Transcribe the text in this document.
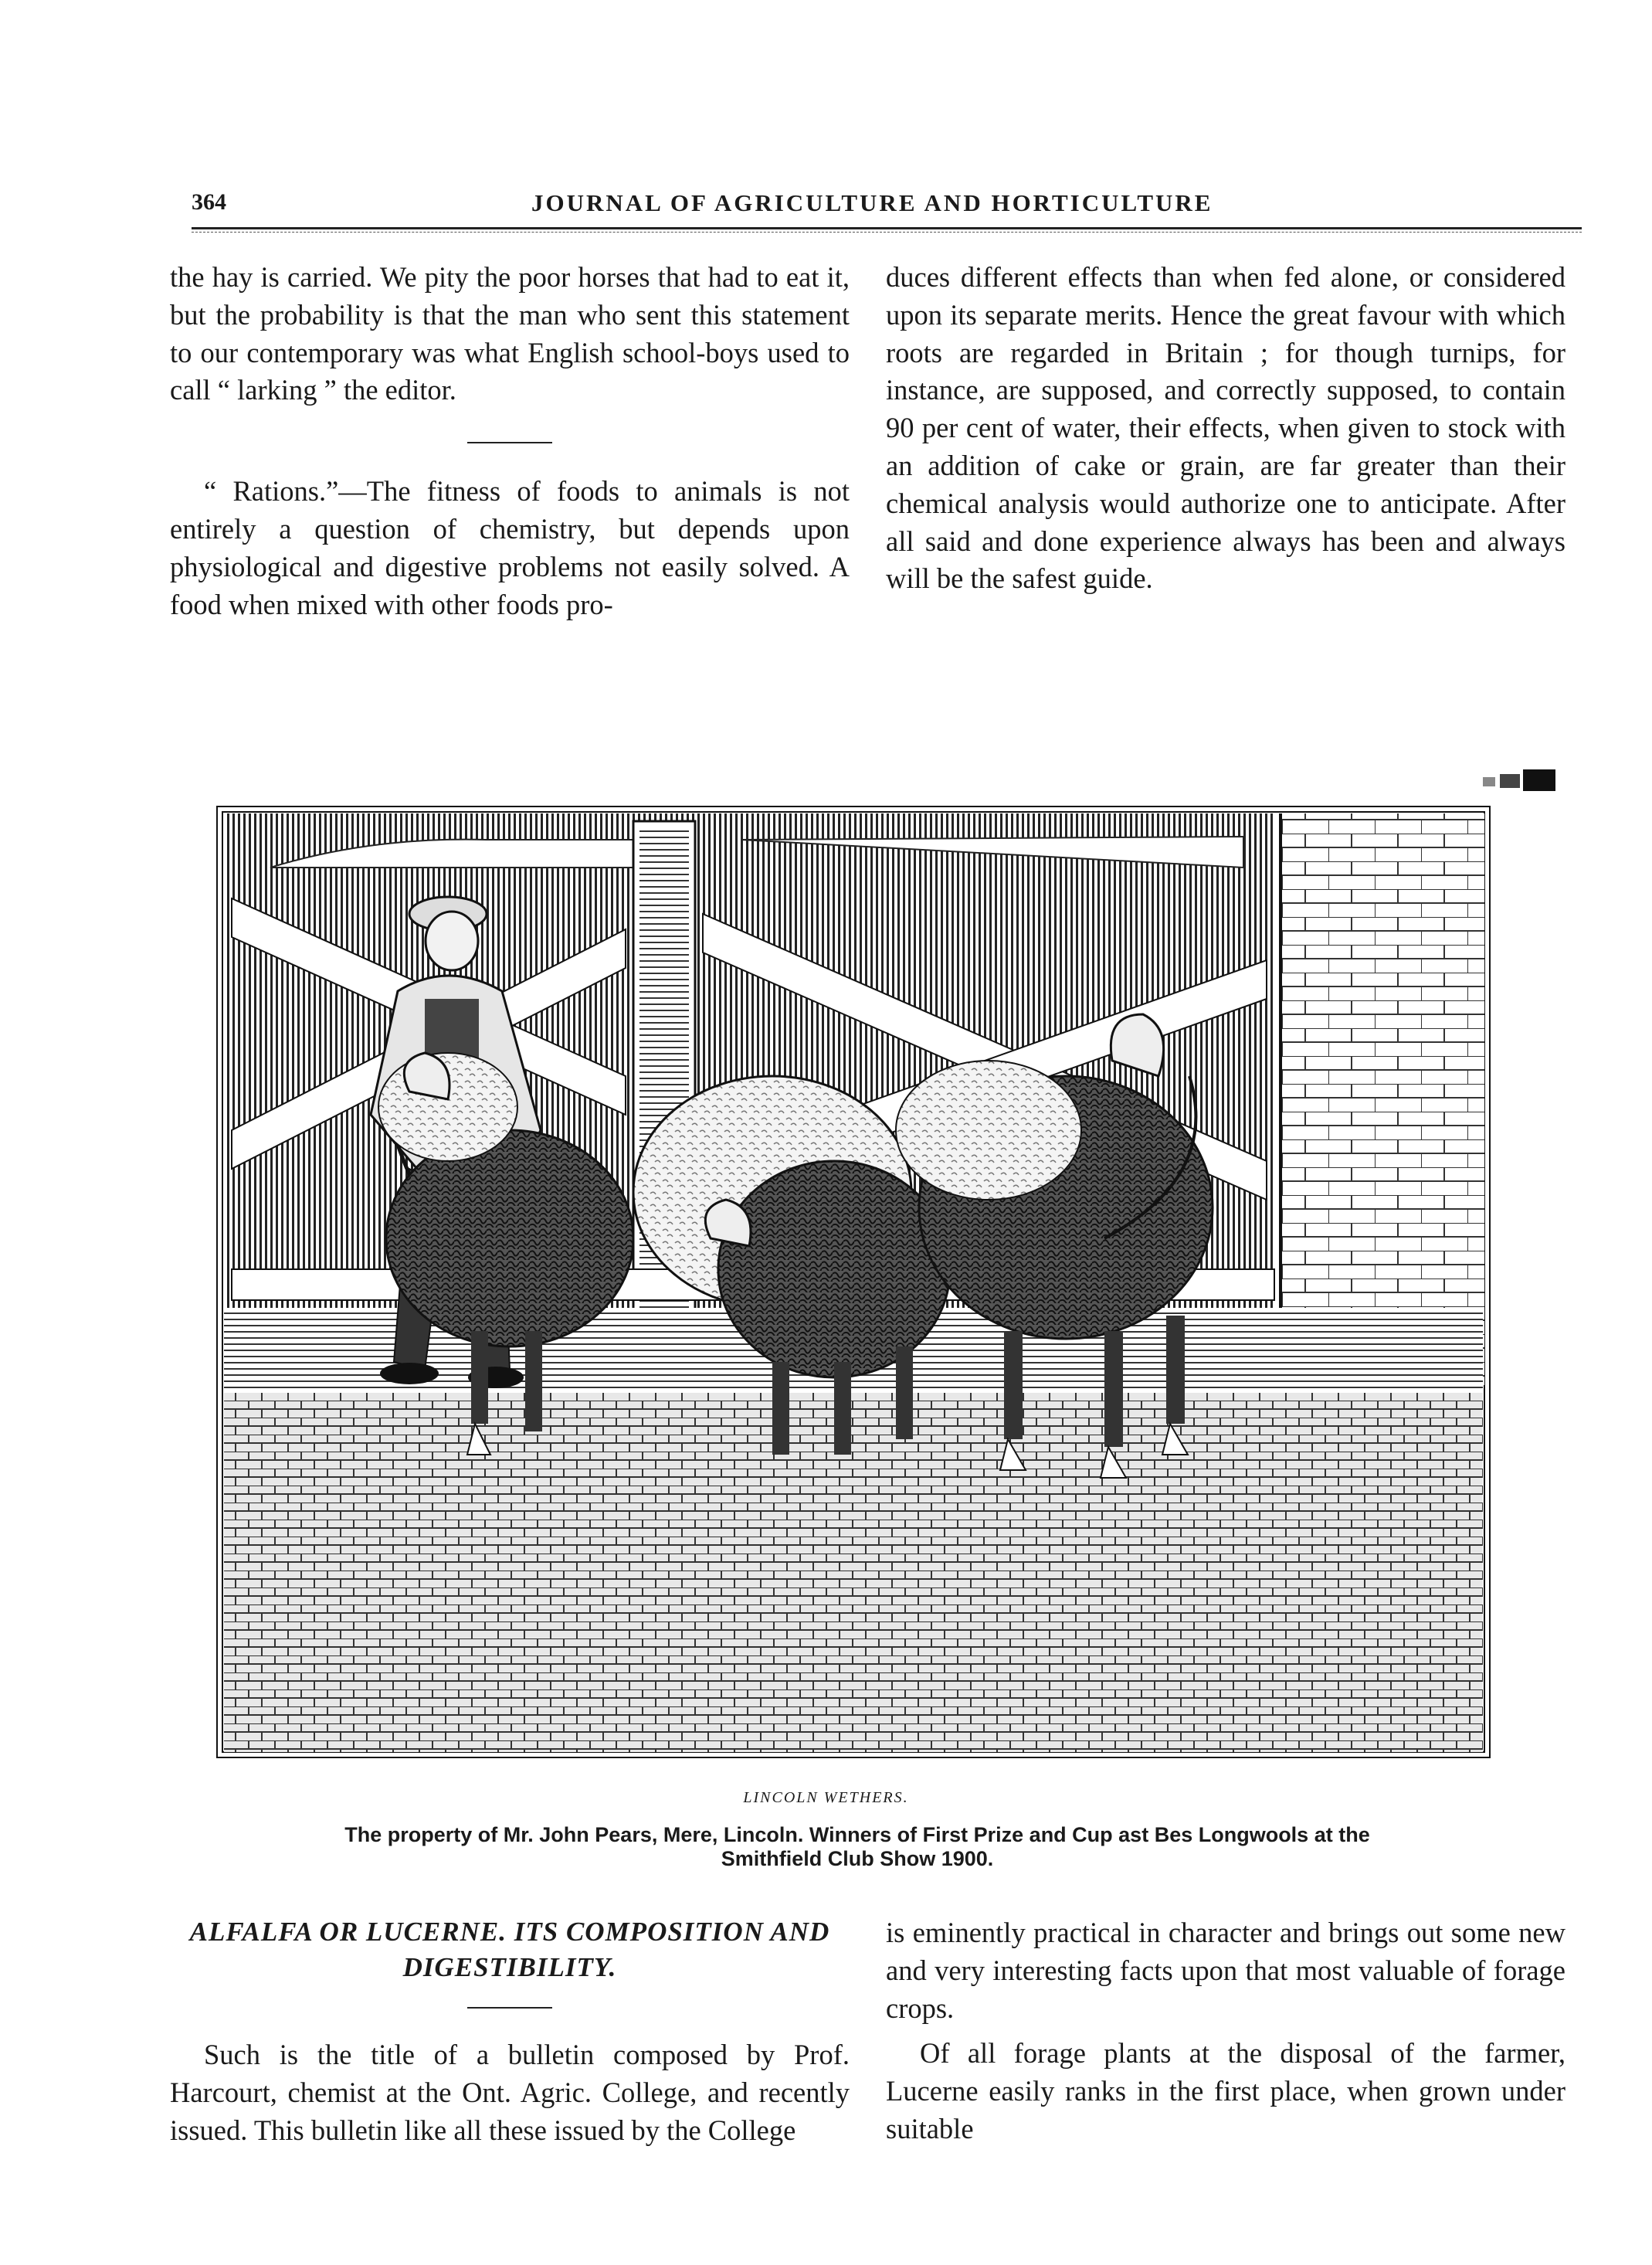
364	JOURNAL OF AGRICULTURE AND HORTICULTURE

the hay is carried. We pity the poor horses that had to eat it, but the probability is that the man who sent this statement to our contemporary was what English school-boys used to call “ larking ” the editor.

“ Rations.”—The fitness of foods to animals is not entirely a question of chemistry, but depends upon physiological and digestive problems not easily solved. A food when mixed with other foods pro-

duces different effects than when fed alone, or considered upon its separate merits. Hence the great favour with which roots are regarded in Britain ; for though turnips, for instance, are supposed, and correctly supposed, to contain 90 per cent of water, their effects, when given to stock with an addition of cake or grain, are far greater than their chemical analysis would authorize one to anticipate. After all said and done experience always has been and always will be the safest guide.

LINCOLN WETHERS.
The property of Mr. John Pears, Mere, Lincoln. Winners of First Prize and Cup ast Bes Longwools at the Smithfield Club Show 1900.

ALFALFA OR LUCERNE. ITS COMPOSITION AND DIGESTIBILITY.

Such is the title of a bulletin composed by Prof. Harcourt, chemist at the Ont. Agric. College, and recently issued. This bulletin like all these issued by the College

is eminently practical in character and brings out some new and very interesting facts upon that most valuable of forage crops.

Of all forage plants at the disposal of the farmer, Lucerne easily ranks in the first place, when grown under suitable
